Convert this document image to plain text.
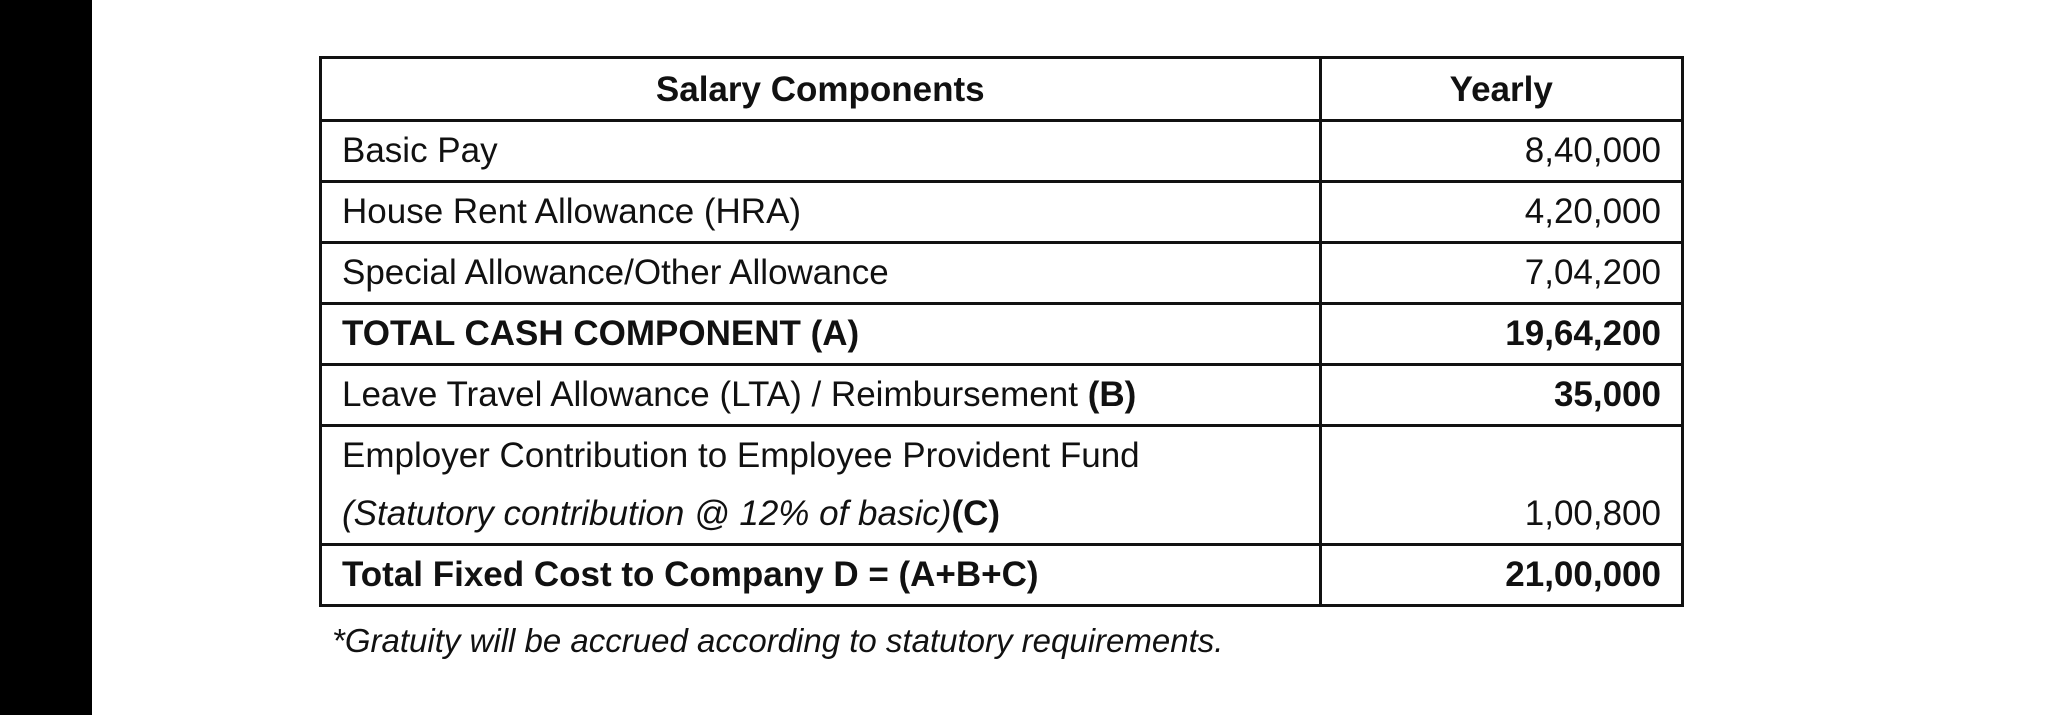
Salary Components	Yearly
Basic Pay	8,40,000
House Rent Allowance (HRA)	4,20,000
Special Allowance/Other Allowance	7,04,200
TOTAL CASH COMPONENT (A)	19,64,200
Leave Travel Allowance (LTA) / Reimbursement (B)	35,000

Employer Contribution to Employee Provident Fund
(Statutory contribution @ 12% of basic)(C)	1,00,800
Total Fixed Cost to Company D = (A+B+C)	21,00,000
*Gratuity will be accrued according to statutory requirements.
